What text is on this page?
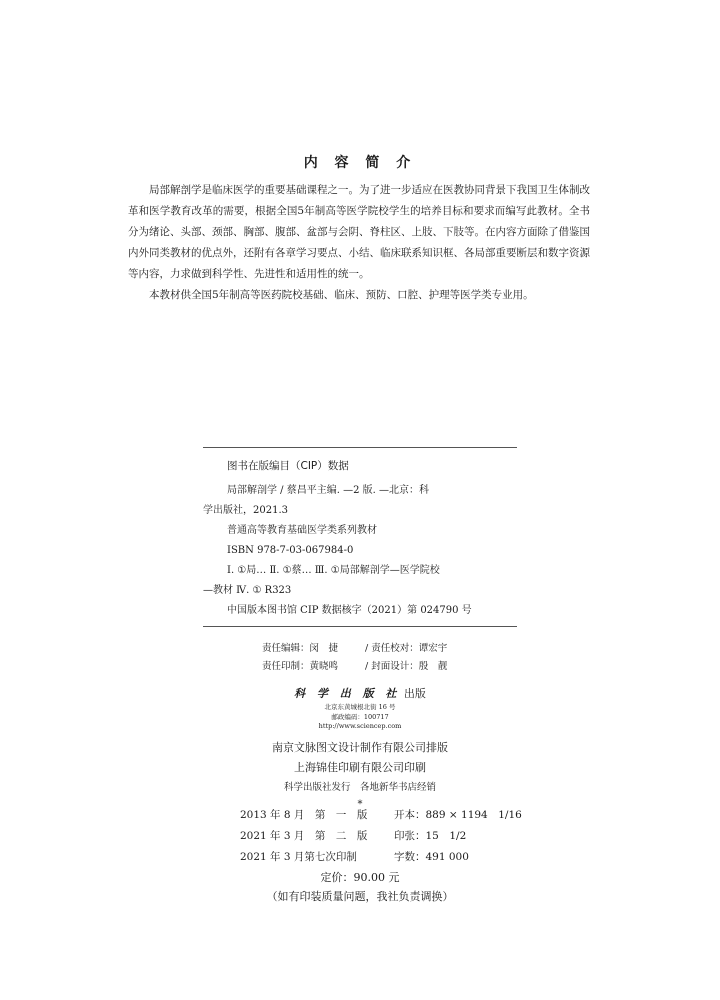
内 容 简 介

局部解剖学是临床医学的重要基础课程之一。为了进一步适应在医教协同背景下我国卫生体制改革和医学教育改革的需要，根据全国5年制高等医学院校学生的培养目标和要求而编写此教材。全书分为绪论、头部、颈部、胸部、腹部、盆部与会阴、脊柱区、上肢、下肢等。在内容方面除了借鉴国内外同类教材的优点外，还附有各章学习要点、小结、临床联系知识框、各局部重要断层和数字资源等内容，力求做到科学性、先进性和适用性的统一。

本教材供全国5年制高等医药院校基础、临床、预防、口腔、护理等医学类专业用。

图书在版编目（CIP）数据
局部解剖学 / 蔡昌平主编. —2 版. —北京：科
学出版社，2021.3
普通高等教育基础医学类系列教材
ISBN 978-7-03-067984-0
Ⅰ. ①局… Ⅱ. ①蔡… Ⅲ. ①局部解剖学—医学院校
—教材 Ⅳ. ① R323
中国版本图书馆 CIP 数据核字（2021）第 024790 号
责任编辑：闵　捷	/ 责任校对：谭宏宇
责任印制：黄晓鸣	/ 封面设计：殷　靓
科 学 出 版 社 出版
北京东黄城根北街 16 号
邮政编码：100717
http://www.sciencep.com
南京文脉图文设计制作有限公司排版
上海锦佳印刷有限公司印刷
科学出版社发行　各地新华书店经销
*
2013 年 8 月　第　一　版	开本：889 × 1194　1/16
2021 年 3 月　第　二　版	印张：15　1/2
2021 年 3 月第七次印制	字数：491 000
定价：90.00 元
（如有印装质量问题，我社负责调换）
